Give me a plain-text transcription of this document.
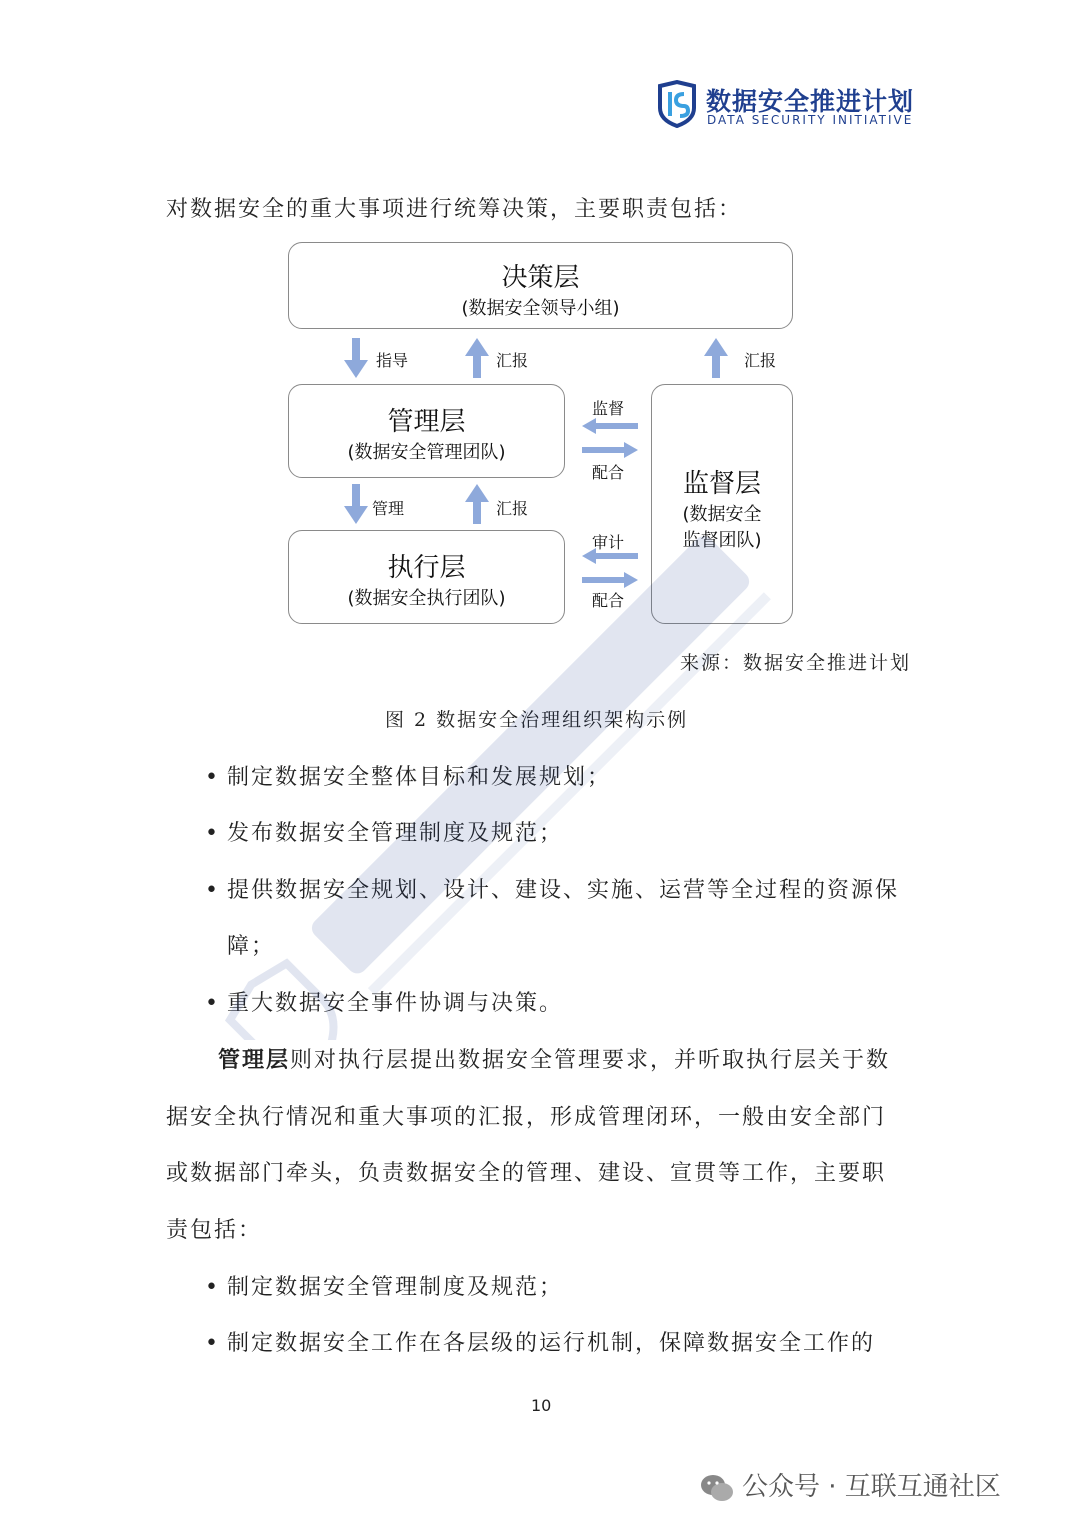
数据安全推进计划
DATA SECURITY INITIATIVE
对数据安全的重大事项进行统筹决策，主要职责包括：
决策层
(数据安全领导小组)
管理层
(数据安全管理团队)
执行层
(数据安全执行团队)
监督层
(数据安全
监督团队)
指导	汇报	汇报
管理	汇报
监督
配合
审计
配合
来源：数据安全推进计划
图 2 数据安全治理组织架构示例
• 制定数据安全整体目标和发展规划；
• 发布数据安全管理制度及规范；
• 提供数据安全规划、设计、建设、实施、运营等全过程的资源保
障；
• 重大数据安全事件协调与决策。
管理层则对执行层提出数据安全管理要求，并听取执行层关于数
据安全执行情况和重大事项的汇报，形成管理闭环，一般由安全部门
或数据部门牵头，负责数据安全的管理、建设、宣贯等工作，主要职
责包括：
• 制定数据安全管理制度及规范；
• 制定数据安全工作在各层级的运行机制，保障数据安全工作的
10
公众号 · 互联互通社区
